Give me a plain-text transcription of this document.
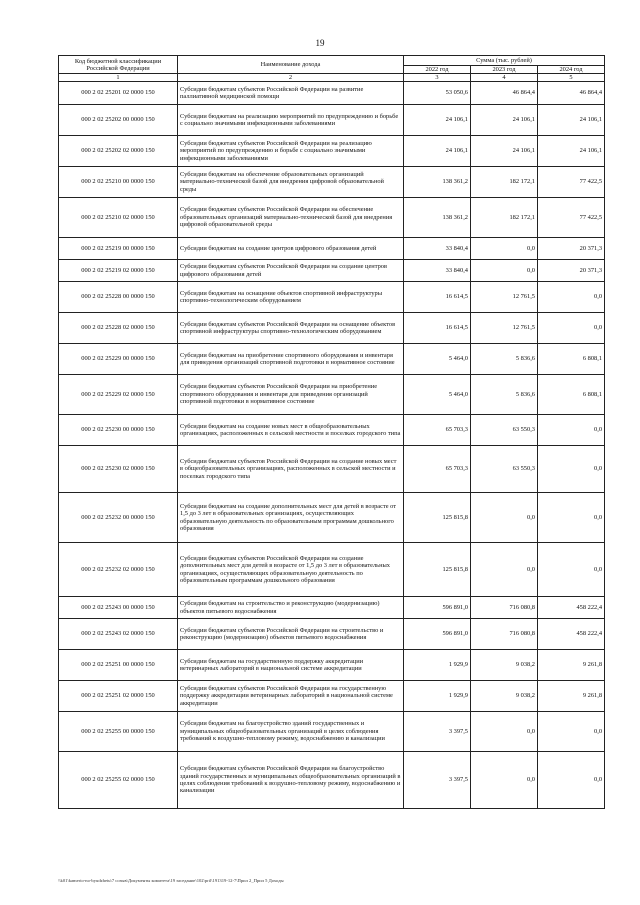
19
Код бюджетной классификации Российской Федерации	Наименование дохода	Сумма (тыс. рублей)		
		2022 год	2023 год	2024 год
1	2	3	4	5
000 2 02 25201 02 0000 150	Субсидии бюджетам субъектов Российской Федерации на развитие паллиативной медицинской помощи	53 050,6	46 864,4	46 864,4
000 2 02 25202 00 0000 150	Субсидии бюджетам на реализацию мероприятий по предупреждению и борьбе с социально значимыми инфекционными заболеваниями	24 106,1	24 106,1	24 106,1
000 2 02 25202 02 0000 150	Субсидии бюджетам субъектов Российской Федерации на реализацию мероприятий по предупреждению и борьбе с социально значимыми инфекционными заболеваниями	24 106,1	24 106,1	24 106,1
000 2 02 25210 00 0000 150	Субсидии бюджетам на обеспечение образовательных организаций материально-технической базой для внедрения цифровой образовательной среды	138 361,2	182 172,1	77 422,5
000 2 02 25210 02 0000 150	Субсидии бюджетам субъектов Российской Федерации на обеспечение образовательных организаций материально-технической базой для внедрения цифровой образовательной среды	138 361,2	182 172,1	77 422,5
000 2 02 25219 00 0000 150	Субсидии бюджетам на создание центров цифрового образования детей	33 840,4	0,0	20 371,3
000 2 02 25219 02 0000 150	Субсидии бюджетам субъектов Российской Федерации на создание центров цифрового образования детей	33 840,4	0,0	20 371,3
000 2 02 25228 00 0000 150	Субсидии бюджетам на оснащение объектов спортивной инфраструктуры спортивно-технологическим оборудованием	16 614,5	12 761,5	0,0
000 2 02 25228 02 0000 150	Субсидии бюджетам субъектов Российской Федерации на оснащение объектов спортивной инфраструктуры спортивно-технологическим оборудованием	16 614,5	12 761,5	0,0
000 2 02 25229 00 0000 150	Субсидии бюджетам на приобретение спортивного оборудования и инвентаря для приведения организаций спортивной подготовки в нормативное состояние	5 464,0	5 836,6	6 808,1
000 2 02 25229 02 0000 150	Субсидии бюджетам субъектов Российской Федерации на приобретение спортивного оборудования и инвентаря для приведения организаций спортивной подготовки в нормативное состояние	5 464,0	5 836,6	6 808,1
000 2 02 25230 00 0000 150	Субсидии бюджетам на создание новых мест в общеобразовательных организациях, расположенных в сельской местности и поселках городского типа	65 703,3	63 550,3	0,0
000 2 02 25230 02 0000 150	Субсидии бюджетам субъектов Российской Федерации на создание новых мест в общеобразовательных организациях, расположенных в сельской местности и поселках городского типа	65 703,3	63 550,3	0,0
000 2 02 25232 00 0000 150	Субсидии бюджетам на создание дополнительных мест для детей в возрасте от 1,5 до 3 лет в образовательных организациях, осуществляющих образовательную деятельность по образовательным программам дошкольного образования	125 815,8	0,0	0,0
000 2 02 25232 02 0000 150	Субсидии бюджетам субъектов Российской Федерации на создание дополнительных мест для детей в возрасте от 1,5 до 3 лет в образовательных организациях, осуществляющих образовательную деятельность по образовательным программам дошкольного образования	125 815,8	0,0	0,0
000 2 02 25243 00 0000 150	Субсидии бюджетам на строительство и реконструкцию (модернизацию) объектов питьевого водоснабжения	596 891,0	716 080,8	458 222,4
000 2 02 25243 02 0000 150	Субсидии бюджетам субъектов Российской Федерации на строительство и реконструкцию (модернизацию) объектов питьевого водоснабжения	596 891,0	716 080,8	458 222,4
000 2 02 25251 00 0000 150	Субсидии бюджетам на государственную поддержку аккредитации ветеринарных лабораторий в национальной системе аккредитации	1 929,9	9 038,2	9 261,8
000 2 02 25251 02 0000 150	Субсидии бюджетам субъектов Российской Федерации на государственную поддержку аккредитации ветеринарных лабораторий в национальной системе аккредитации	1 929,9	9 038,2	9 261,8
000 2 02 25255 00 0000 150	Субсидии бюджетам на благоустройство зданий государственных и муниципальных общеобразовательных организаций в целях соблюдения требований к воздушно-тепловому режиму, водоснабжению и канализации	3 397,5	0,0	0,0
000 2 02 25255 02 0000 150	Субсидии бюджетам субъектов Российской Федерации на благоустройство зданий государственных и муниципальных общеобразовательных организаций в целях соблюдения требований к воздушно-тепловому режиму, водоснабжению и канализации	3 397,5	0,0	0,0
\\k01\kamerio-no-byudzhetu\7 созыв\Документы комитета\19 заседание\102\pril\191319-12-7\Прил 2_Прил 5 Доходы
